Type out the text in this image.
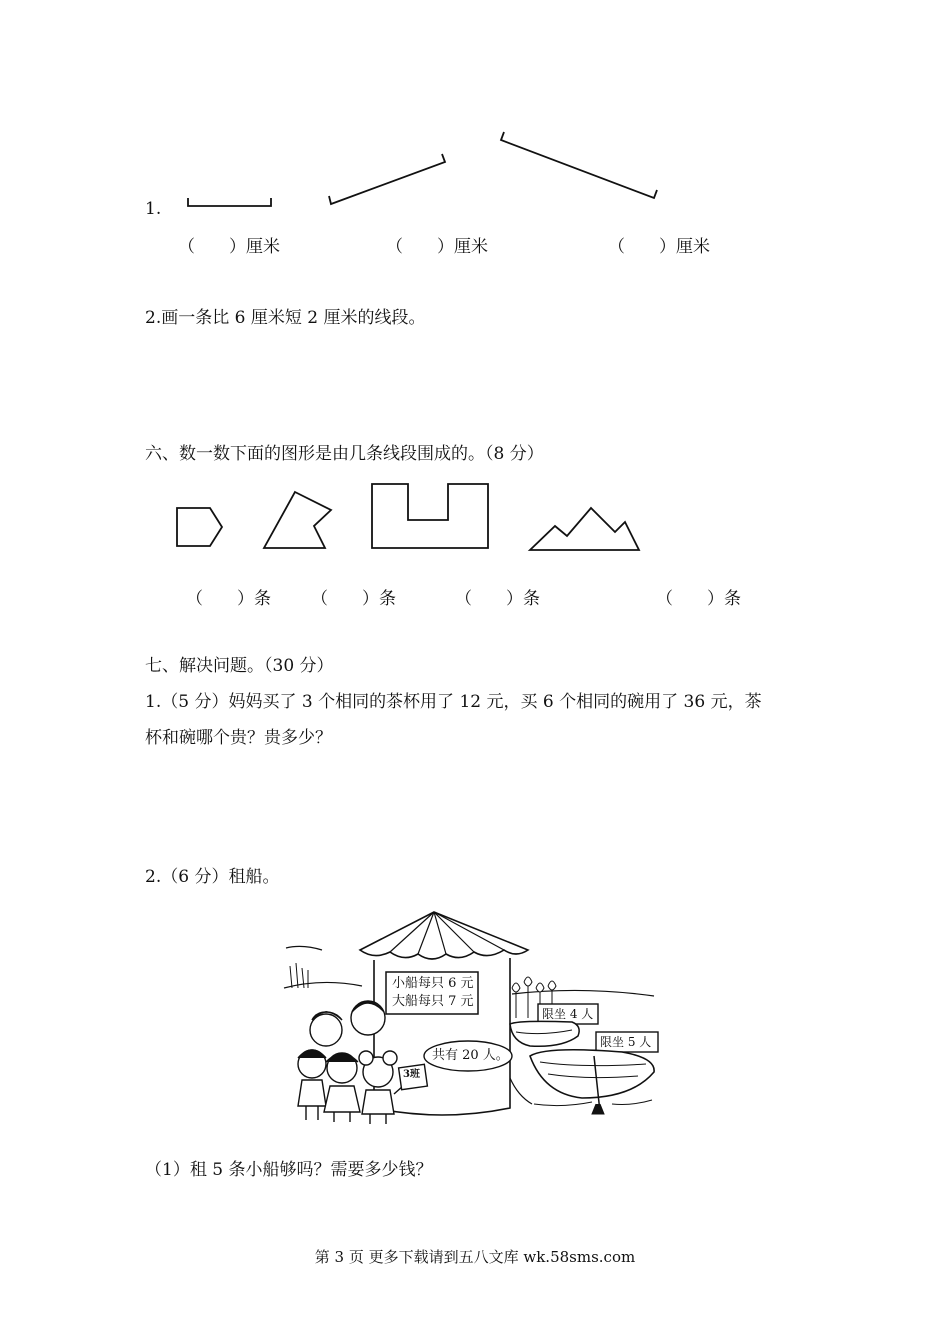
1.
（　　）厘米	（　　）厘米	（　　）厘米
2.画一条比 6 厘米短 2 厘米的线段。
六、数一数下面的图形是由几条线段围成的。（8 分）
（　　）条 （　　）条	（　　）条	（　　）条
七、解决问题。（30 分）
1.（5 分）妈妈买了 3 个相同的茶杯用了 12 元，买 6 个相同的碗用了 36 元，茶
杯和碗哪个贵？贵多少？
2.（6 分）租船。
小船每只 6 元
大船每只 7 元
共有 20 人。
限坐 4 人
限坐 5 人
3班
（1）租 5 条小船够吗？需要多少钱？
第 3 页 更多下载请到五八文库 wk.58sms.com
